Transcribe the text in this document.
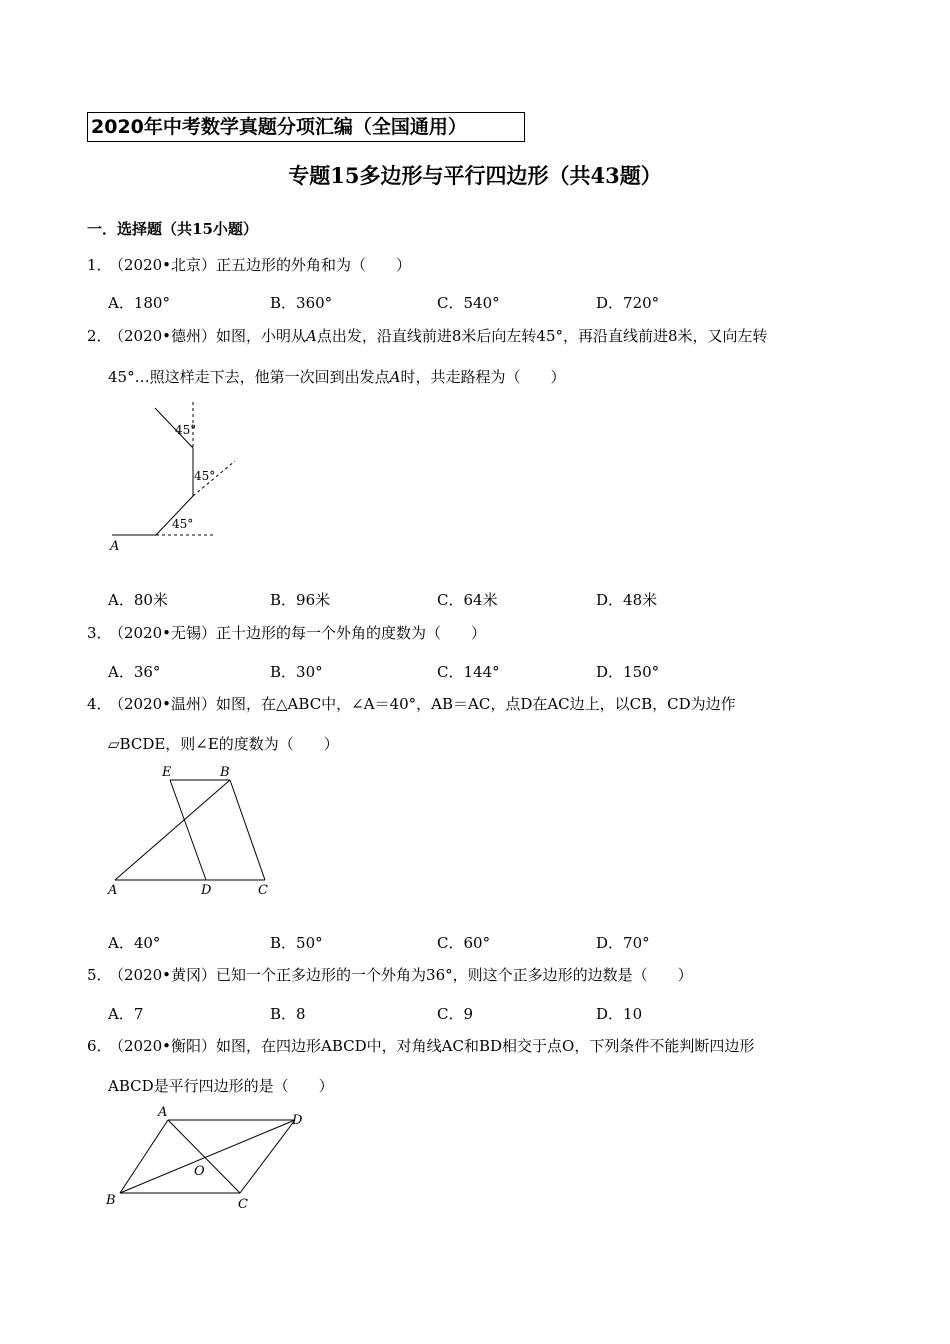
2020年中考数学真题分项汇编（全国通用）
专题15多边形与平行四边形（共43题）
一．选择题（共15小题）
1．（2020•北京）正五边形的外角和为（　　）
A．180°	B．360°	C．540°	D．720°
2．（2020•德州）如图，小明从A点出发，沿直线前进8米后向左转45°，再沿直线前进8米，又向左转
45°…照这样走下去，他第一次回到出发点A时，共走路程为（　　）
45°
45°
45°
A
A．80米	B．96米	C．64米	D．48米
3．（2020•无锡）正十边形的每一个外角的度数为（　　）
A．36°	B．30°	C．144°	D．150°
4．（2020•温州）如图，在△ABC中，∠A＝40°，AB＝AC，点D在AC边上，以CB，CD为边作
▱BCDE，则∠E的度数为（　　）
E	B
A	D	C
A．40°	B．50°	C．60°	D．70°
5．（2020•黄冈）已知一个正多边形的一个外角为36°，则这个正多边形的边数是（　　）
A．7	B．8	C．9	D．10
6．（2020•衡阳）如图，在四边形ABCD中，对角线AC和BD相交于点O，下列条件不能判断四边形
ABCD是平行四边形的是（　　）
A
D
O
B	C
